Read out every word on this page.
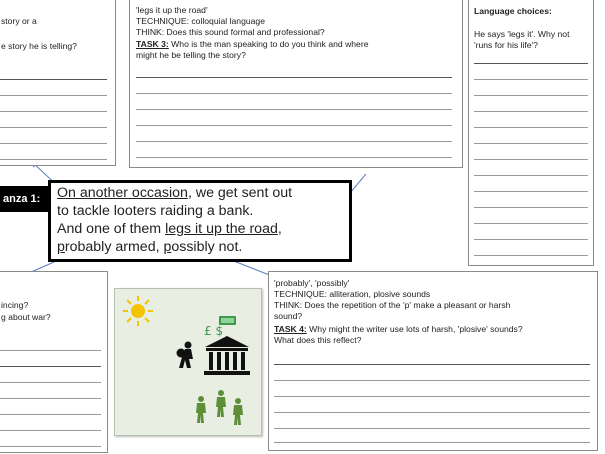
story or a
e story he is telling?
'legs it up the road'
TECHNIQUE: colloquial language
THINK: Does this sound formal and professional?
TASK 3: Who is the man speaking to do you think and where
might he be telling the story?
Language choices:
He says 'legs it'. Why not
'runs for his life'?
incing?
g about war?
'probably', 'possibly'
TECHNIQUE: alliteration, plosive sounds
THINK: Does the repetition of the 'p' make a pleasant or harsh
sound?
TASK 4: Why might the writer use lots of harsh, 'plosive' sounds?
What does this reflect?
anza 1:	On another occasion, we get sent out
to tackle looters raiding a bank.
And one of them legs it up the road,
probably armed, possibly not.
£ $
